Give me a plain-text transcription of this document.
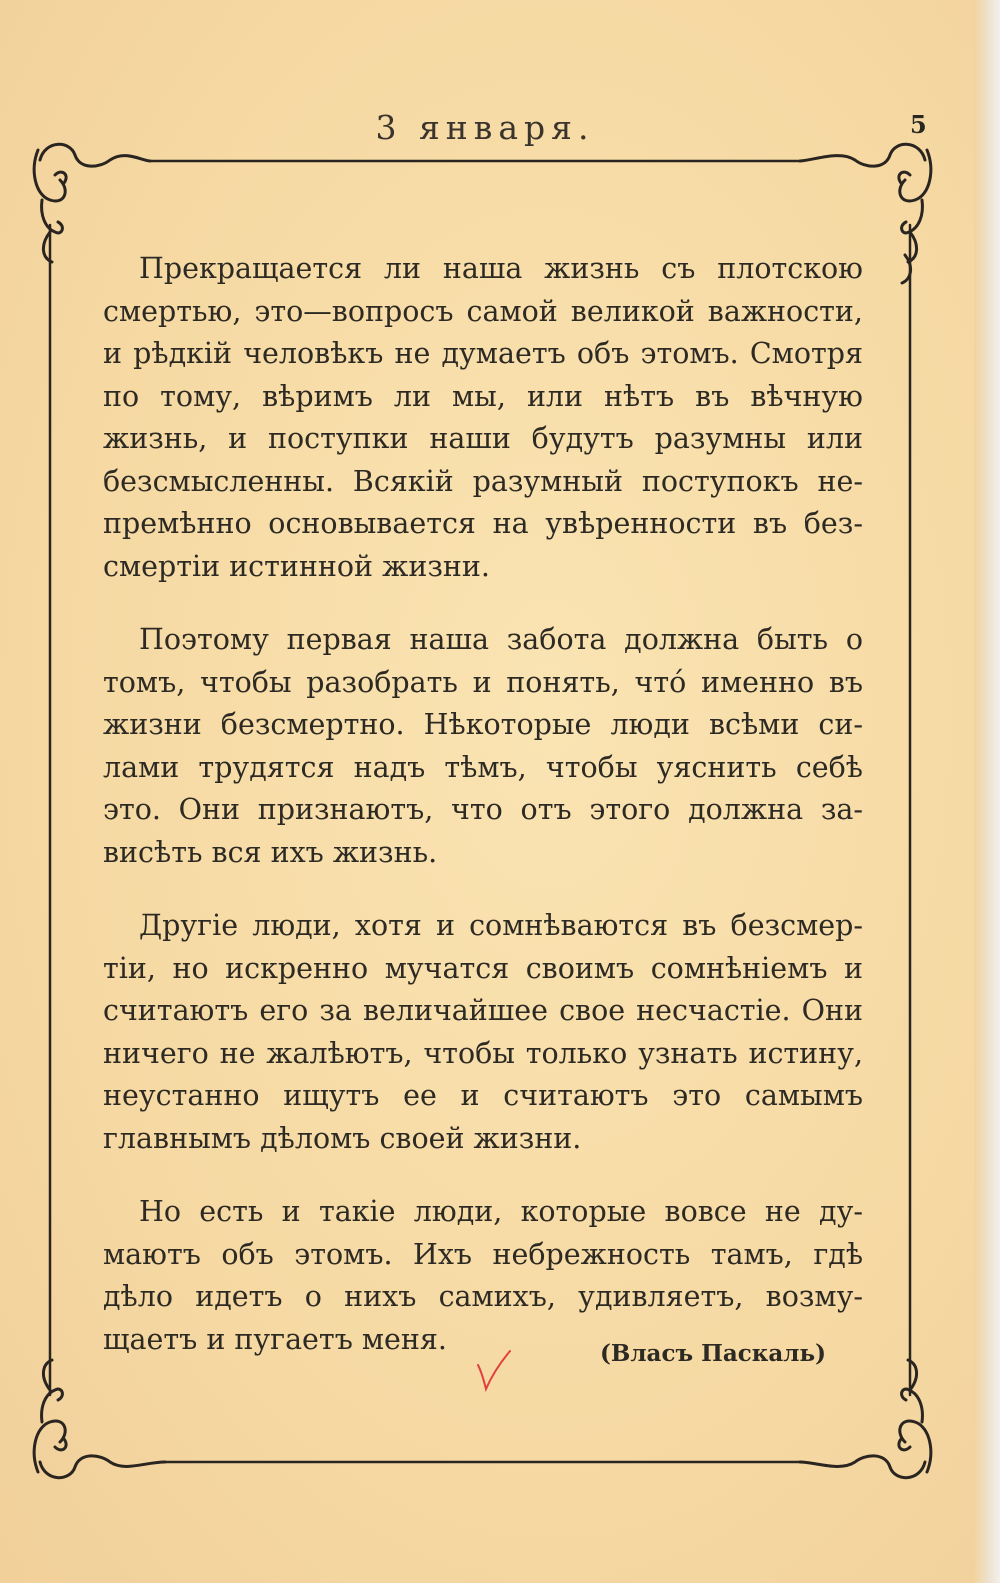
3 января.	5

Прекращается ли наша жизнь съ плотскою смертью, это—вопросъ самой великой важности, и рѣдкій человѣкъ не думаетъ объ этомъ. Смотря по тому, вѣримъ ли мы, или нѣтъ въ вѣчную жизнь, и поступки наши будутъ разумны или безсмысленны. Всякій разумный поступокъ непремѣнно основывается на увѣренности въ безсмертіи истинной жизни.

Поэтому первая наша забота должна быть о томъ, чтобы разобрать и понять, что́ именно въ жизни безсмертно. Нѣкоторые люди всѣми силами трудятся надъ тѣмъ, чтобы уяснить себѣ это. Они признаютъ, что отъ этого должна зависѣть вся ихъ жизнь.

Другіе люди, хотя и сомнѣваются въ безсмертіи, но искренно мучатся своимъ сомнѣніемъ и считаютъ его за величайшее свое несчастіе. Они ничего не жалѣютъ, чтобы только узнать истину, неустанно ищутъ ее и считаютъ это самымъ главнымъ дѣломъ своей жизни.

Но есть и такіе люди, которые вовсе не думаютъ объ этомъ. Ихъ небрежность тамъ, гдѣ дѣло идетъ о нихъ самихъ, удивляетъ, возмущаетъ и пугаетъ меня.	(Власъ Паскаль)
